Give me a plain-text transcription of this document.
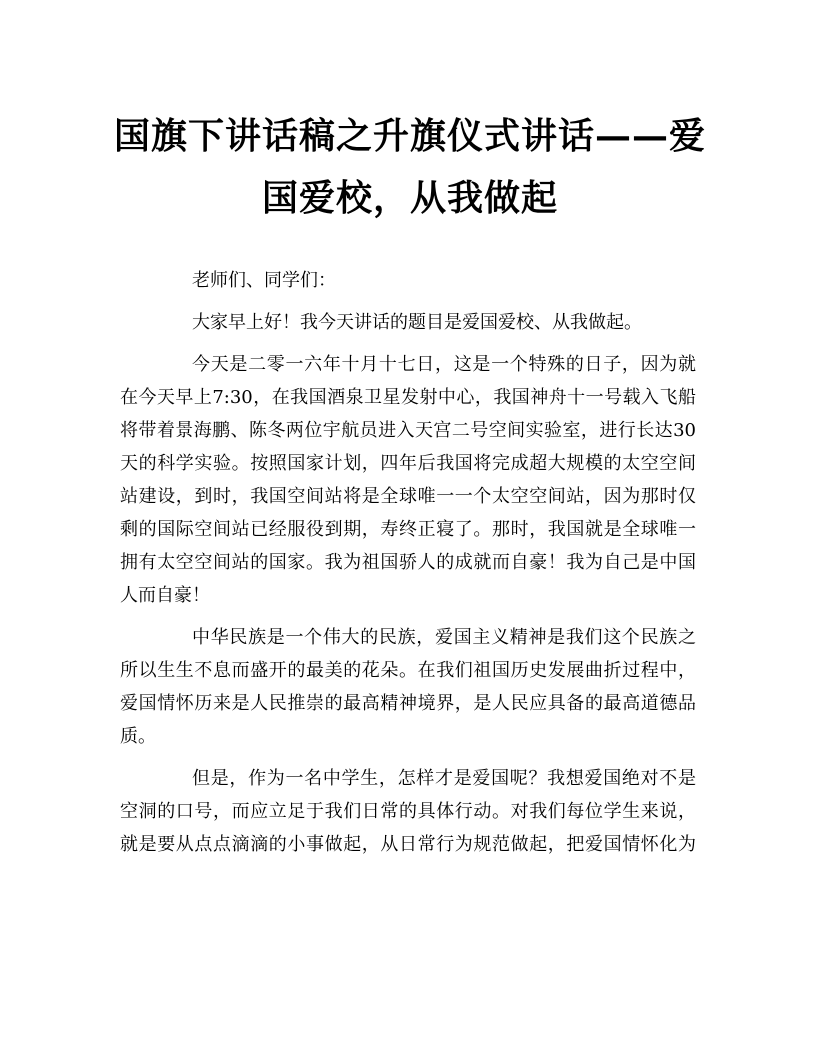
国旗下讲话稿之升旗仪式讲话——爱
国爱校，从我做起

老师们、同学们：

大家早上好！我今天讲话的题目是爱国爱校、从我做起。

今天是二零一六年十月十七日，这是一个特殊的日子，因为就
在今天早上7:30，在我国酒泉卫星发射中心，我国神舟十一号载入飞船
将带着景海鹏、陈冬两位宇航员进入天宫二号空间实验室，进行长达30
天的科学实验。按照国家计划，四年后我国将完成超大规模的太空空间
站建设，到时，我国空间站将是全球唯一一个太空空间站，因为那时仅
剩的国际空间站已经服役到期，寿终正寝了。那时，我国就是全球唯一
拥有太空空间站的国家。我为祖国骄人的成就而自豪！我为自己是中国
人而自豪！

中华民族是一个伟大的民族，爱国主义精神是我们这个民族之
所以生生不息而盛开的最美的花朵。在我们祖国历史发展曲折过程中，
爱国情怀历来是人民推崇的最高精神境界，是人民应具备的最高道德品
质。

但是，作为一名中学生，怎样才是爱国呢？我想爱国绝对不是
空洞的口号，而应立足于我们日常的具体行动。对我们每位学生来说，
就是要从点点滴滴的小事做起，从日常行为规范做起，把爱国情怀化为
